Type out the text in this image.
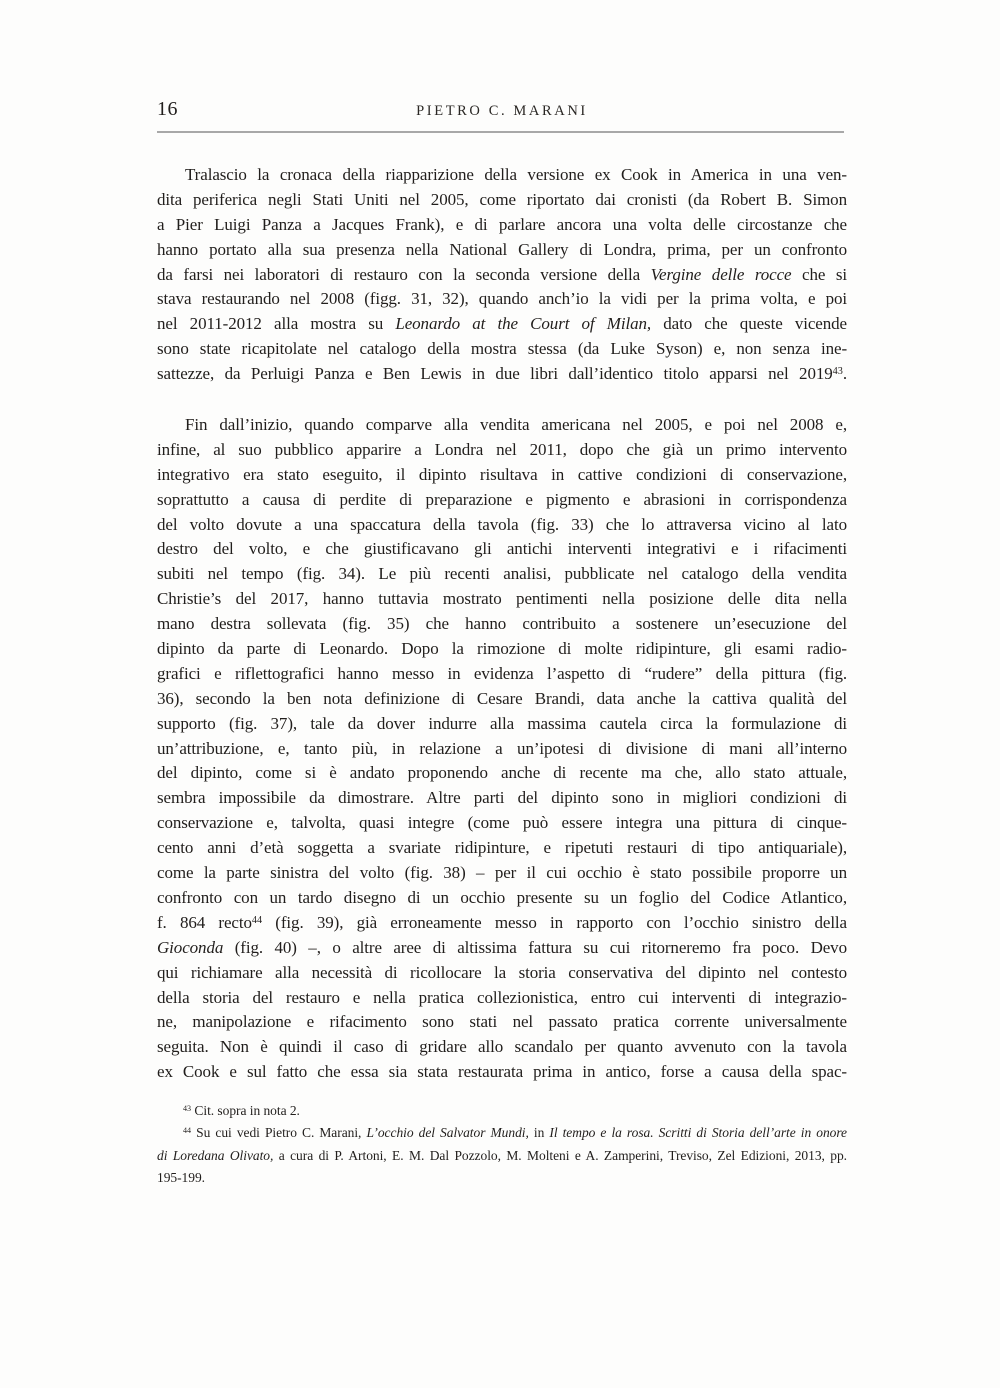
16	PIETRO C. MARANI
Tralascio la cronaca della riapparizione della versione ex Cook in America in una ven-
dita periferica negli Stati Uniti nel 2005, come riportato dai cronisti (da Robert B. Simon
a Pier Luigi Panza a Jacques Frank), e di parlare ancora una volta delle circostanze che
hanno portato alla sua presenza nella National Gallery di Londra, prima, per un confronto
da farsi nei laboratori di restauro con la seconda versione della Vergine delle rocce che si
stava restaurando nel 2008 (figg. 31, 32), quando anch’io la vidi per la prima volta, e poi
nel 2011-2012 alla mostra su Leonardo at the Court of Milan, dato che queste vicende
sono state ricapitolate nel catalogo della mostra stessa (da Luke Syson) e, non senza ine-
sattezze, da Perluigi Panza e Ben Lewis in due libri dall’identico titolo apparsi nel 2019$^{43}$.
Fin dall’inizio, quando comparve alla vendita americana nel 2005, e poi nel 2008 e,
infine, al suo pubblico apparire a Londra nel 2011, dopo che già un primo intervento
integrativo era stato eseguito, il dipinto risultava in cattive condizioni di conservazione,
soprattutto a causa di perdite di preparazione e pigmento e abrasioni in corrispondenza
del volto dovute a una spaccatura della tavola (fig. 33) che lo attraversa vicino al lato
destro del volto, e che giustificavano gli antichi interventi integrativi e i rifacimenti
subiti nel tempo (fig. 34). Le più recenti analisi, pubblicate nel catalogo della vendita
Christie’s del 2017, hanno tuttavia mostrato pentimenti nella posizione delle dita nella
mano destra sollevata (fig. 35) che hanno contribuito a sostenere un’esecuzione del
dipinto da parte di Leonardo. Dopo la rimozione di molte ridipinture, gli esami radio-
grafici e riflettografici hanno messo in evidenza l’aspetto di “rudere” della pittura (fig.
36), secondo la ben nota definizione di Cesare Brandi, data anche la cattiva qualità del
supporto (fig. 37), tale da dover indurre alla massima cautela circa la formulazione di
un’attribuzione, e, tanto più, in relazione a un’ipotesi di divisione di mani all’interno
del dipinto, come si è andato proponendo anche di recente ma che, allo stato attuale,
sembra impossibile da dimostrare. Altre parti del dipinto sono in migliori condizioni di
conservazione e, talvolta, quasi integre (come può essere integra una pittura di cinque-
cento anni d’età soggetta a svariate ridipinture, e ripetuti restauri di tipo antiquariale),
come la parte sinistra del volto (fig. 38) – per il cui occhio è stato possibile proporre un
confronto con un tardo disegno di un occhio presente su un foglio del Codice Atlantico,
f. 864 recto$^{44}$ (fig. 39), già erroneamente messo in rapporto con l’occhio sinistro della
Gioconda (fig. 40) –, o altre aree di altissima fattura su cui ritorneremo fra poco. Devo
qui richiamare alla necessità di ricollocare la storia conservativa del dipinto nel contesto
della storia del restauro e nella pratica collezionistica, entro cui interventi di integrazio-
ne, manipolazione e rifacimento sono stati nel passato pratica corrente universalmente
seguita. Non è quindi il caso di gridare allo scandalo per quanto avvenuto con la tavola
ex Cook e sul fatto che essa sia stata restaurata prima in antico, forse a causa della spac-
$^{43}$ Cit. sopra in nota 2.
$^{44}$ Su cui vedi Pietro C. Marani, L’occhio del Salvator Mundi, in Il tempo e la rosa. Scritti di Storia dell’arte in onore
di Loredana Olivato, a cura di P. Artoni, E. M. Dal Pozzolo, M. Molteni e A. Zamperini, Treviso, Zel Edizioni, 2013, pp.
195-199.
